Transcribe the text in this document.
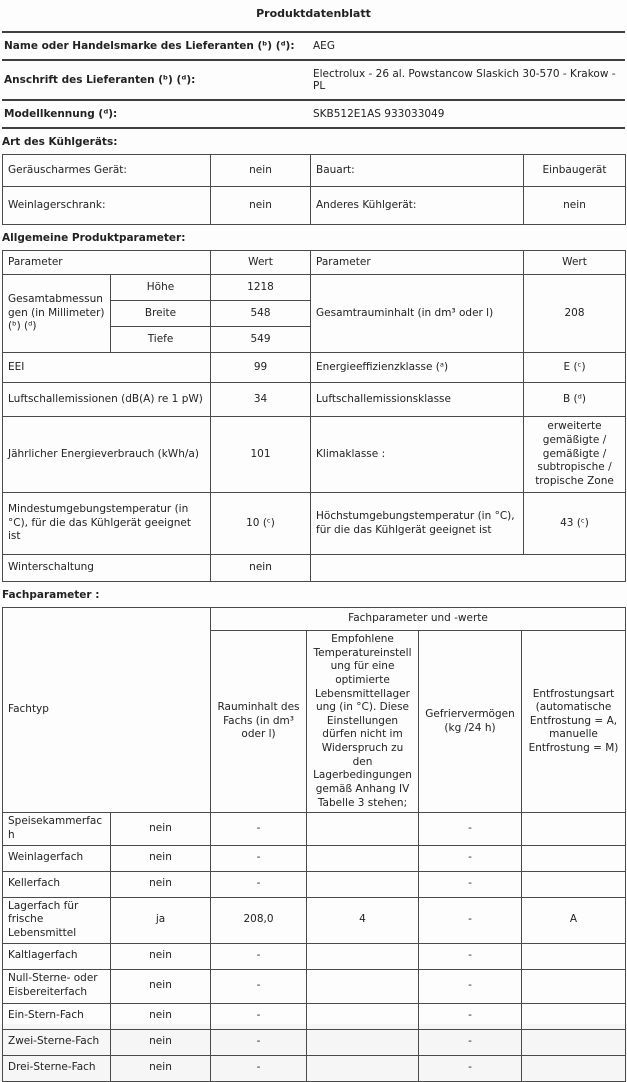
Produktdatenblatt
Name oder Handelsmarke des Lieferanten (ᵇ) (ᵈ):	AEG
Anschrift des Lieferanten (ᵇ) (ᵈ):	Electrolux - 26 al. Powstancow Slaskich 30-570 - Krakow - PL
Modellkennung (ᵈ):	SKB512E1AS 933033049
Art des Kühlgeräts:
Geräuscharmes Gerät:	nein	Bauart:	Einbaugerät
Weinlagerschrank:	nein	Anderes Kühlgerät:	nein
Allgemeine Produktparameter:
Parameter		Wert	Parameter	Wert
Gesamtabmessungen (in Millimeter) (ᵇ) (ᵈ)	Höhe	1218	Gesamtrauminhalt (in dm³ oder l)	208
	Breite	548		
	Tiefe	549		
EEI		99	Energieeffizienzklasse (ᵃ)	E (ᶜ)
Luftschallemissionen (dB(A) re 1 pW)		34	Luftschallemissionsklasse	B (ᵈ)
Jährlicher Energieverbrauch (kWh/a)		101	Klimaklasse :	erweiterte gemäßigte / gemäßigte / subtropische / tropische Zone
Mindestumgebungstemperatur (in °C), für die das Kühlgerät geeignet ist		10 (ᶜ)	Höchstumgebungstemperatur (in °C), für die das Kühlgerät geeignet ist	43 (ᶜ)
Winterschaltung		nein		
Fachparameter :
Fachtyp		Fachparameter und -werte			
		Rauminhalt des Fachs (in dm³ oder l)	Empfohlene Temperatureinstellung für eine optimierte Lebensmittellagerung (in °C). Diese Einstellungen dürfen nicht im Widerspruch zu den Lagerbedingungen gemäß Anhang IV Tabelle 3 stehen;	Gefriervermögen (kg /24 h)	Entfrostungsart (automatische Entfrostung = A, manuelle Entfrostung = M)
Speisekammerfach	nein	-		-	
Weinlagerfach	nein	-		-	
Kellerfach	nein	-		-	
Lagerfach für frische Lebensmittel	ja	208,0	4	-	A
Kaltlagerfach	nein	-		-	
Null-Sterne- oder Eisbereiterfach	nein	-		-	
Ein-Stern-Fach	nein	-		-	
Zwei-Sterne-Fach	nein	-		-	
Drei-Sterne-Fach	nein	-		-	
